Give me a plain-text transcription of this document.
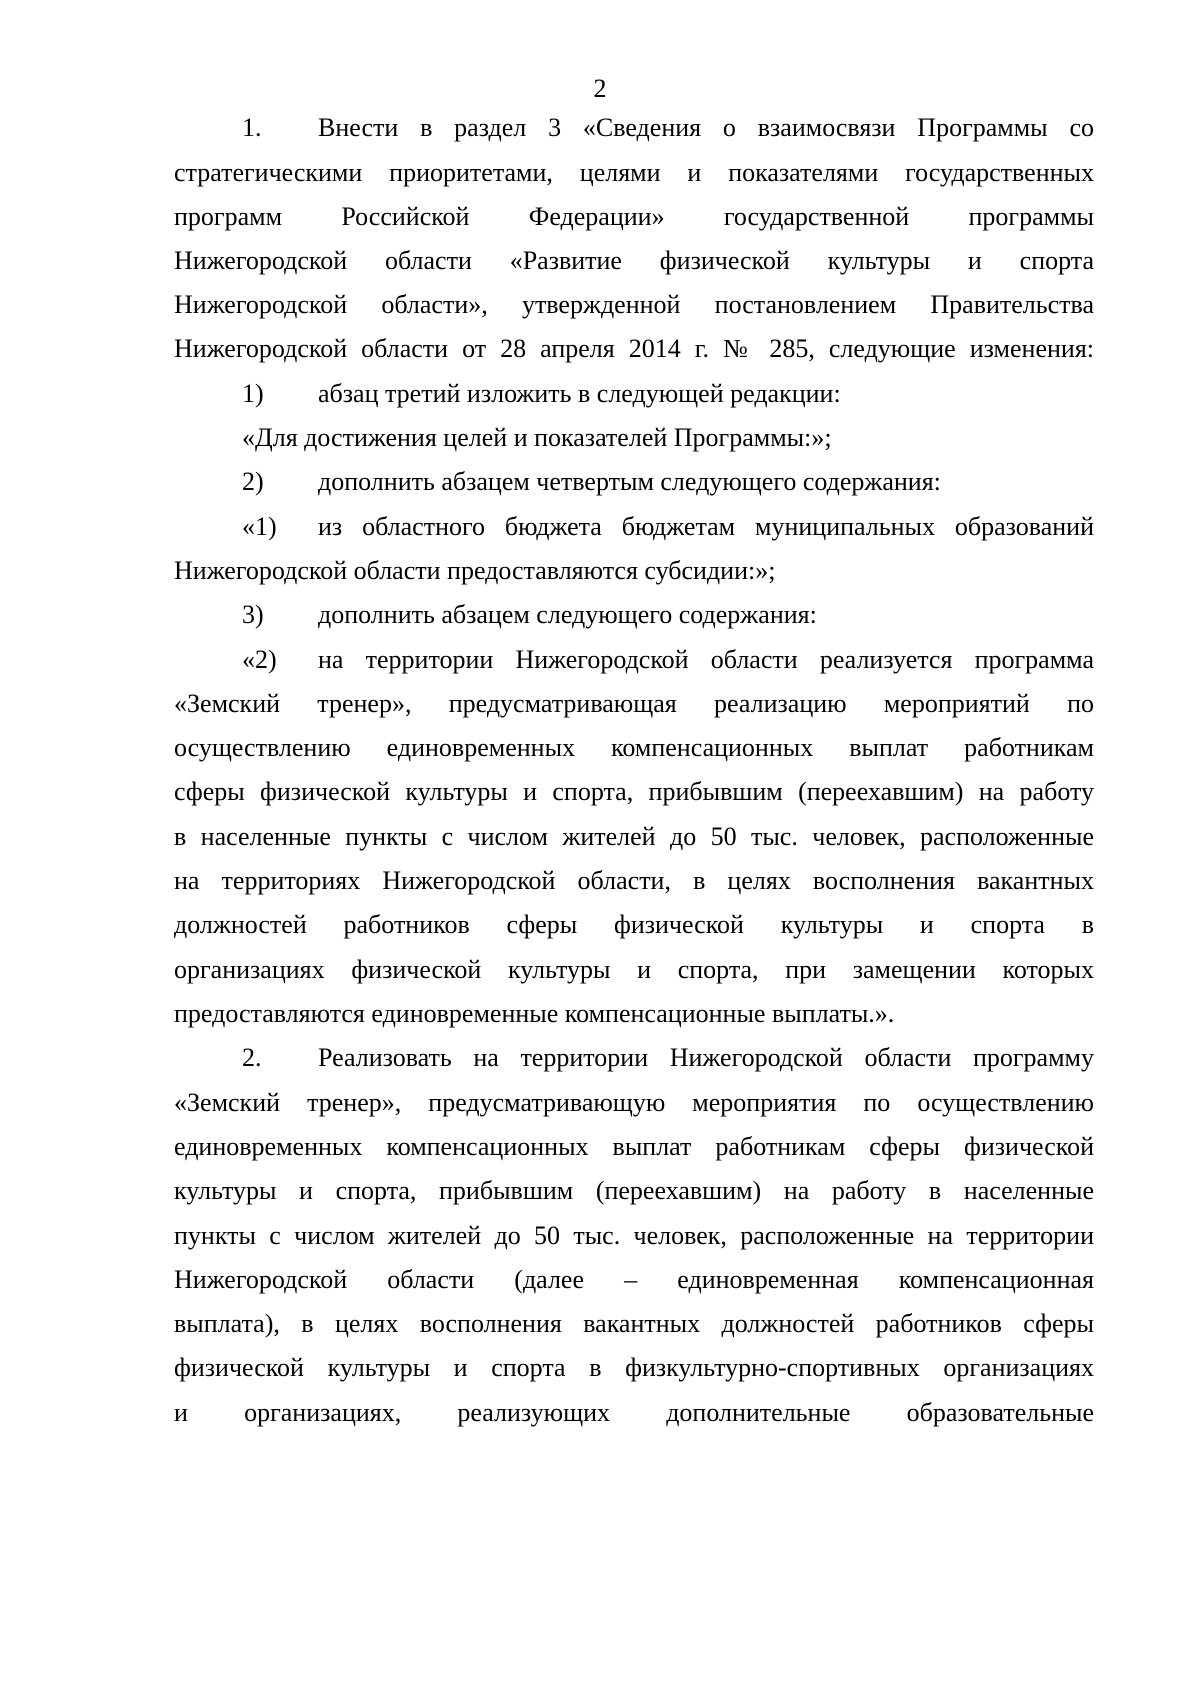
2
1. Внести в раздел 3 «Сведения о взаимосвязи Программы со
стратегическими приоритетами, целями и показателями государственных
программ Российской Федерации» государственной программы
Нижегородской области «Развитие физической культуры и спорта
Нижегородской области», утвержденной постановлением Правительства
Нижегородской области от 28 апреля 2014 г. № 285, следующие изменения:
1) абзац третий изложить в следующей редакции:
«Для достижения целей и показателей Программы:»;
2) дополнить абзацем четвертым следующего содержания:
«1) из областного бюджета бюджетам муниципальных образований
Нижегородской области предоставляются субсидии:»;
3) дополнить абзацем следующего содержания:
«2) на территории Нижегородской области реализуется программа
«Земский тренер», предусматривающая реализацию мероприятий по
осуществлению единовременных компенсационных выплат работникам
сферы физической культуры и спорта, прибывшим (переехавшим) на работу
в населенные пункты с числом жителей до 50 тыс. человек, расположенные
на территориях Нижегородской области, в целях восполнения вакантных
должностей работников сферы физической культуры и спорта в
организациях физической культуры и спорта, при замещении которых
предоставляются единовременные компенсационные выплаты.».
2. Реализовать на территории Нижегородской области программу
«Земский тренер», предусматривающую мероприятия по осуществлению
единовременных компенсационных выплат работникам сферы физической
культуры и спорта, прибывшим (переехавшим) на работу в населенные
пункты с числом жителей до 50 тыс. человек, расположенные на территории
Нижегородской области (далее – единовременная компенсационная
выплата), в целях восполнения вакантных должностей работников сферы
физической культуры и спорта в физкультурно-спортивных организациях
и организациях, реализующих дополнительные образовательные
